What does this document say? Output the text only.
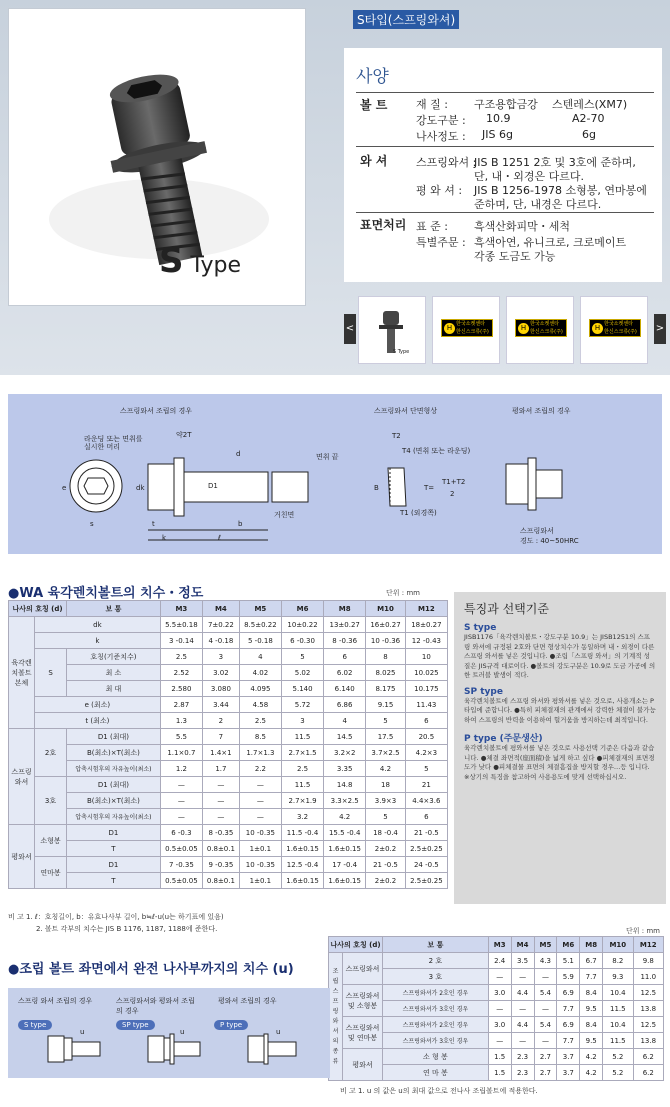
S Type
S타입(스프링와셔)
사양
볼 트	재 질 : 구조용합금강 스텐레스(XM7)
강도구분 : 10.9	A2-70
나사정도 : JIS 6g	6g
와 셔	스프링와셔 :
JIS B 1251 2호 및 3호에 준하며,
단, 내・외경은 다르다.
평 와 셔 : JIS B 1256-1978 소형봉, 연마봉에
준하며, 단, 내경은 다르다.
표면처리 표 준 : 흑색산화피막・세척
특별주문 : 흑색아연, 유니크로, 크로메이트
각종 도금도 가능
<
S Type
H 한국소켓센타
한신스크류(주)
H 한국소켓센타
한신스크류(주)
H 한국소켓센타
한신스크류(주)	>
스프링와셔 조립의 경우	스프링와셔 단면형상	평와셔 조립의 경우
라운딩 또는 면취를
실시한 머리
약2T
d	면취 끝
e	dk	D1
s	t
k	ℓ
b
거친면
T2
T4 (면취 또는 라운딩)
B	T=
T1+T2
2
T1 (외경쪽)
스프링와셔
경도 : 40~50HRC
●WA 육각렌치볼트의 치수・정도	단위 : mm
나사의 호칭 (d)		보 통	M3	M4	M5	M6	M8	M10	M12
육각렌치볼트본체	dk		5.5±0.18	7±0.22	8.5±0.22	10±0.22	13±0.27	16±0.27	18±0.27
	k		3 -0.14	4 -0.18	5 -0.18	6 -0.30	8 -0.36	10 -0.36	12 -0.43
	S	호칭(기준치수)	2.5	3	4	5	6	8	10
		최 소	2.52	3.02	4.02	5.02	6.02	8.025	10.025
		최 대	2.580	3.080	4.095	5.140	6.140	8.175	10.175
	e (최소)		2.87	3.44	4.58	5.72	6.86	9.15	11.43
	t (최소)		1.3	2	2.5	3	4	5	6
스프링와셔	2호	D1 (최대)	5.5	7	8.5	11.5	14.5	17.5	20.5
		B(최소)×T(최소)	1.1×0.7	1.4×1	1.7×1.3	2.7×1.5	3.2×2	3.7×2.5	4.2×3
		압축시험후의 자유높이(최소)	1.2	1.7	2.2	2.5	3.35	4.2	5
	3호	D1 (최대)	—	—	—	11.5	14.8	18	21
		B(최소)×T(최소)	—	—	—	2.7×1.9	3.3×2.5	3.9×3	4.4×3.6
		압축시험후의 자유높이(최소)	—	—	—	3.2	4.2	5	6
평와셔	소형봉	D1	6 -0.3	8 -0.35	10 -0.35	11.5 -0.4	15.5 -0.4	18 -0.4	21 -0.5
		T	0.5±0.05	0.8±0.1	1±0.1	1.6±0.15	1.6±0.15	2±0.2	2.5±0.25
	연마봉	D1	7 -0.35	9 -0.35	10 -0.35	12.5 -0.4	17 -0.4	21 -0.5	24 -0.5
		T	0.5±0.05	0.8±0.1	1±0.1	1.6±0.15	1.6±0.15	2±0.2	2.5±0.25
비 고 1. ℓ：호칭길이, b：유효나사부 길이, b≒ℓ-u(u는 하기표에 있음)
2. 볼트 각부의 치수는 JIS B 1176, 1187, 1188에 준한다.
특징과 선택기준
S type

JISB1176「육각렌치볼트・강도구분 10.9」는 JISB1251의 스프링 와셔에 규정된 2호와 단면 형상치수가 동일하며 내・외경이 다른 스프링 와셔를 넣은 것입니다. ●조립「스프링 와셔」의 기계적 성질은 JIS규격 대로이다. ●볼트의 강도구분은 10.9로 도금 가공에 의한 트러블 발생이 적다.

SP type

육각렌치볼트에 스프링 와셔와 평와셔를 넣은 것으로, 사용개소는 P타입에 준합니다. ●특히 피체결재의 관계에서 강력한 체결이 불가능하여 스프링의 반력을 이용하여 헐거움을 방지하는데 최적입니다.

P type (주문생산)

육각렌치볼트에 평와셔를 넣은 것으로 사용선택 기준은 다음과 같습니다. ●체결 좌면적(座面積)을 넓게 하고 싶다 ●피체결재의 표면경도가 낮다 ●피체결물 표면의 체결흠집을 방지할 경우…등 입니다. ※상기의 특징을 참고하여 사용용도에 맞게 선택하십시오.

단위 : mm
●조립 볼트 좌면에서 완전 나사부까지의 치수 (u)
나사의 호칭 (d)		보 통	M3	M4	M5	M6	M8	M10	M12
조립스프링와셔의종류	스프링와셔	2 호	2.4	3.5	4.3	5.1	6.7	8.2	9.8
		3 호	—	—	—	5.9	7.7	9.3	11.0
	스프링와셔 및 소형봉	스프링와셔가 2호인 경우	3.0	4.4	5.4	6.9	8.4	10.4	12.5
		스프링와셔가 3호인 경우	—	—	—	7.7	9.5	11.5	13.8
	스프링와셔 및 연마봉	스프링와셔가 2호인 경우	3.0	4.4	5.4	6.9	8.4	10.4	12.5
		스프링와셔가 3호인 경우	—	—	—	7.7	9.5	11.5	13.8
	평와셔	소 형 봉	1.5	2.3	2.7	3.7	4.2	5.2	6.2
		연 마 봉	1.5	2.3	2.7	3.7	4.2	5.2	6.2
비 고 1. u 의 값은 u의 최대 값으로 전나사 조립볼트에 적용한다.
스프링 와셔 조립의 경우	스프링와셔와 평와셔 조립의 경우
평와셔 조립의 경우
S type	SP type	P type
u	u	u
